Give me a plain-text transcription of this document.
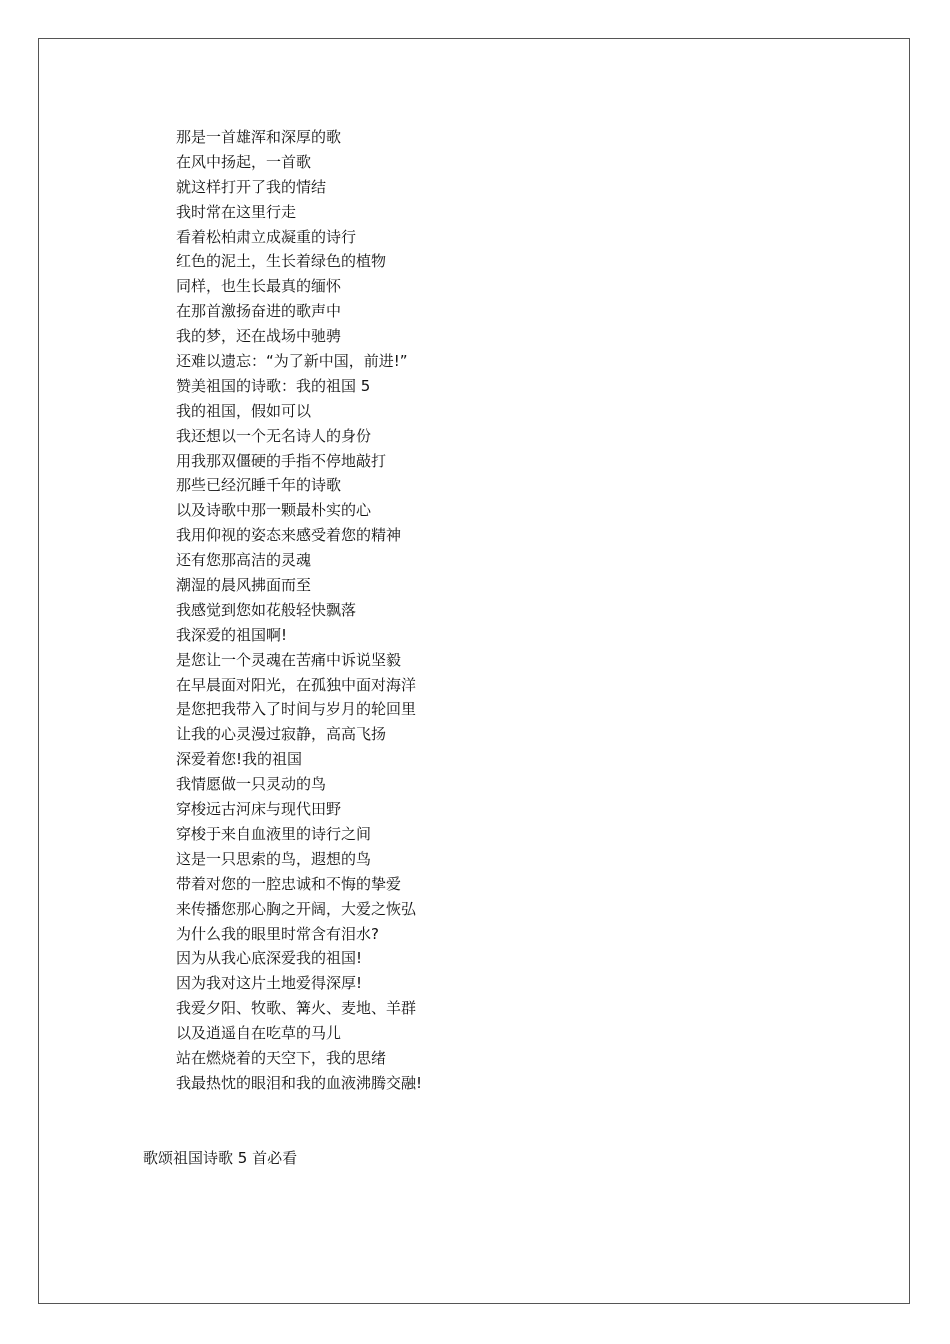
那是一首雄浑和深厚的歌
在风中扬起，一首歌
就这样打开了我的情结
我时常在这里行走
看着松柏肃立成凝重的诗行
红色的泥土，生长着绿色的植物
同样，也生长最真的缅怀
在那首激扬奋进的歌声中
我的梦，还在战场中驰骋
还难以遗忘：“为了新中国，前进!”
赞美祖国的诗歌：我的祖国 5
我的祖国，假如可以
我还想以一个无名诗人的身份
用我那双僵硬的手指不停地敲打
那些已经沉睡千年的诗歌
以及诗歌中那一颗最朴实的心
我用仰视的姿态来感受着您的精神
还有您那高洁的灵魂
潮湿的晨风拂面而至
我感觉到您如花般轻快飘落
我深爱的祖国啊!
是您让一个灵魂在苦痛中诉说坚毅
在早晨面对阳光，在孤独中面对海洋
是您把我带入了时间与岁月的轮回里
让我的心灵漫过寂静，高高飞扬
深爱着您!我的祖国
我情愿做一只灵动的鸟
穿梭远古河床与现代田野
穿梭于来自血液里的诗行之间
这是一只思索的鸟，遐想的鸟
带着对您的一腔忠诚和不悔的挚爱
来传播您那心胸之开阔，大爱之恢弘
为什么我的眼里时常含有泪水?
因为从我心底深爱我的祖国!
因为我对这片土地爱得深厚!
我爱夕阳、牧歌、篝火、麦地、羊群
以及逍遥自在吃草的马儿
站在燃烧着的天空下，我的思绪
我最热忱的眼泪和我的血液沸腾交融!
歌颂祖国诗歌 5 首必看
